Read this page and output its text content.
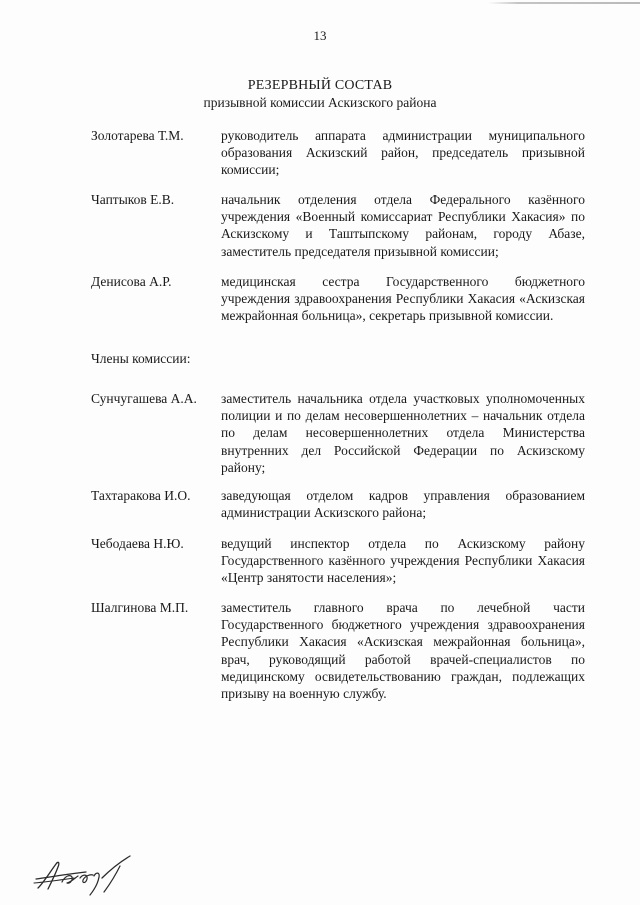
13
РЕЗЕРВНЫЙ СОСТАВ
призывной комиссии Аскизского района
Золотарева Т.М.	руководитель аппарата администрации муниципального образования Аскизский район, председатель призывной комиссии;
Чаптыков Е.В.	начальник отделения отдела Федерального казённого учреждения «Военный комиссариат Республики Хакасия» по Аскизскому и Таштыпскому районам, городу Абазе, заместитель председателя призывной комиссии;
Денисова А.Р.	медицинская сестра Государственного бюджетного учреждения здравоохранения Республики Хакасия «Аскизская межрайонная больница», секретарь призывной комиссии.
Члены комиссии:
Сунчугашева А.А. заместитель начальника отдела участковых уполномоченных полиции и по делам несовершеннолетних – начальник отдела по делам несовершеннолетних отдела Министерства внутренних дел Российской Федерации по Аскизскому району;
Тахтаракова И.О. заведующая отделом кадров управления образованием администрации Аскизского района;
Чебодаева Н.Ю.	ведущий инспектор отдела по Аскизскому району Государственного казённого учреждения Республики Хакасия «Центр занятости населения»;
Шалгинова М.П. заместитель главного врача по лечебной части Государственного бюджетного учреждения здравоохранения Республики Хакасия «Аскизская межрайонная больница», врач, руководящий работой врачей-специалистов по медицинскому освидетельствованию граждан, подлежащих призыву на военную службу.
